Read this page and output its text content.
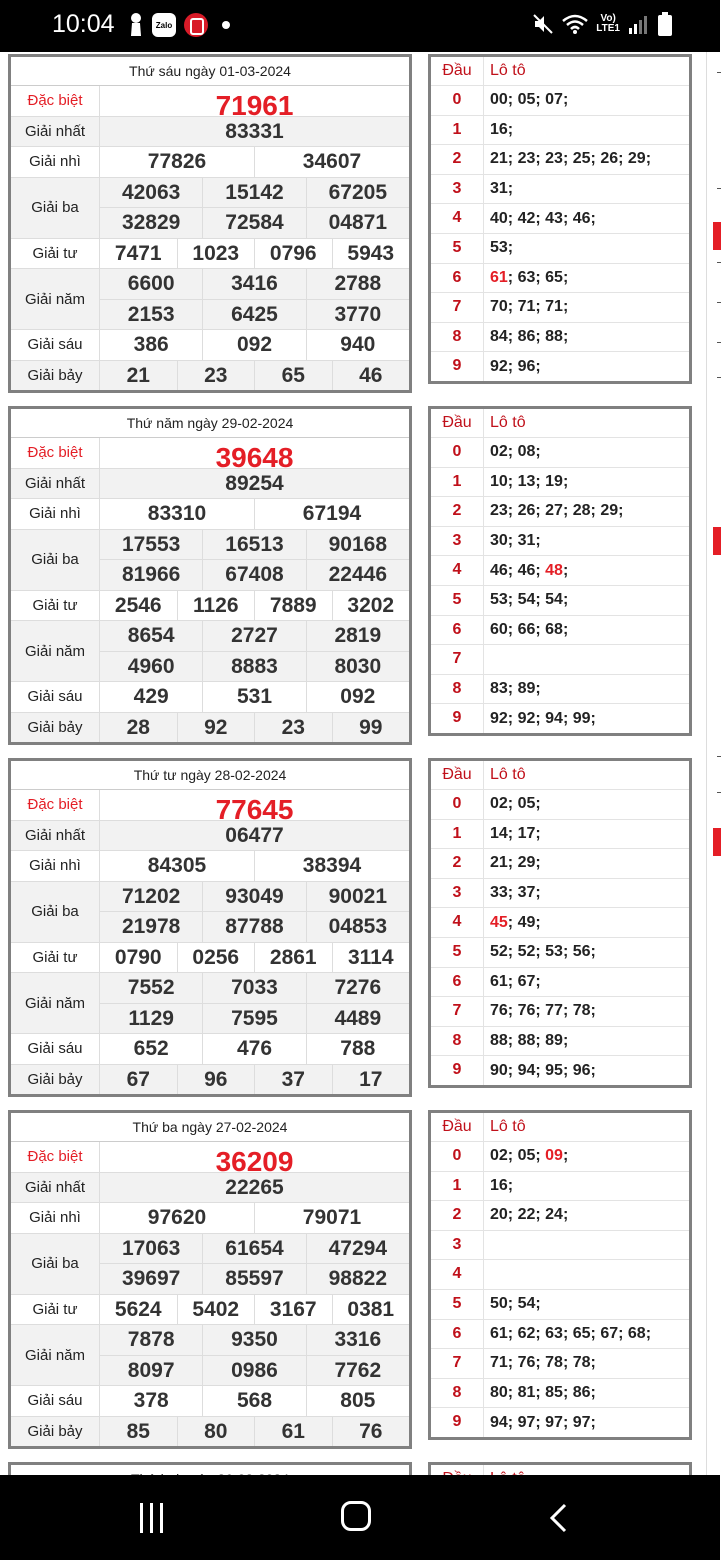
10:04	Zalo
Vo)
LTE1
Thứ sáu ngày 01-03-2024
Đặc biệt	71961
Giải nhất	83331
Giải nhì	77826	34607
Giải ba
42063	15142	67205
32829	72584	04871
Giải tư	7471	1023	0796	5943
Giải năm
6600	3416	2788
2153	6425	3770
Giải sáu	386	092	940
Giải bảy	21	23	65	46
Đầu	Lô tô
0	00; 05; 07;
1	16;
2	21; 23; 23; 25; 26; 29;
3	31;
4	40; 42; 43; 46;
5	53;
6	61; 63; 65;
7	70; 71; 71;
8	84; 86; 88;
9	92; 96;
Thứ năm ngày 29-02-2024
Đặc biệt	39648
Giải nhất	89254
Giải nhì	83310	67194
Giải ba
17553	16513	90168
81966	67408	22446
Giải tư	2546	1126	7889	3202
Giải năm
8654	2727	2819
4960	8883	8030
Giải sáu	429	531	092
Giải bảy	28	92	23	99
Đầu	Lô tô
0	02; 08;
1	10; 13; 19;
2	23; 26; 27; 28; 29;
3	30; 31;
4	46; 46; 48;
5	53; 54; 54;
6	60; 66; 68;
7
8	83; 89;
9	92; 92; 94; 99;
Thứ tư ngày 28-02-2024
Đặc biệt	77645
Giải nhất	06477
Giải nhì	84305	38394
Giải ba
71202	93049	90021
21978	87788	04853
Giải tư	0790	0256	2861	3114
Giải năm
7552	7033	7276
1129	7595	4489
Giải sáu	652	476	788
Giải bảy	67	96	37	17
Đầu	Lô tô
0	02; 05;
1	14; 17;
2	21; 29;
3	33; 37;
4	45; 49;
5	52; 52; 53; 56;
6	61; 67;
7	76; 76; 77; 78;
8	88; 88; 89;
9	90; 94; 95; 96;
Thứ ba ngày 27-02-2024
Đặc biệt	36209
Giải nhất	22265
Giải nhì	97620	79071
Giải ba
17063	61654	47294
39697	85597	98822
Giải tư	5624	5402	3167	0381
Giải năm
7878	9350	3316
8097	0986	7762
Giải sáu	378	568	805
Giải bảy	85	80	61	76
Đầu	Lô tô
0	02; 05; 09;
1	16;
2	20; 22; 24;
3
4
5	50; 54;
6	61; 62; 63; 65; 67; 68;
7	71; 76; 78; 78;
8	80; 81; 85; 86;
9	94; 97; 97; 97;
